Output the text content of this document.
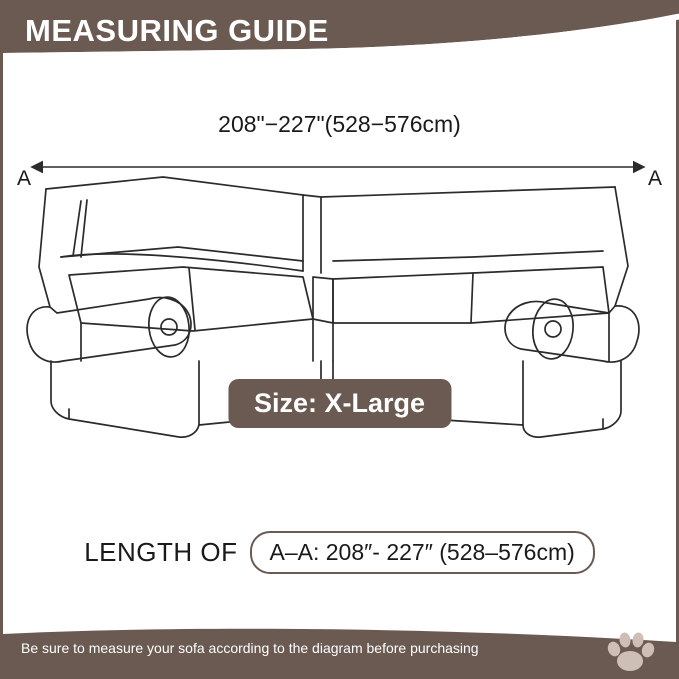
MEASURING GUIDE
208"−227"(528−576cm)
A	A
Size: X-Large
LENGTH OF	A–A: 208″- 227″ (528–576cm)
Be sure to measure your sofa according to the diagram before purchasing
